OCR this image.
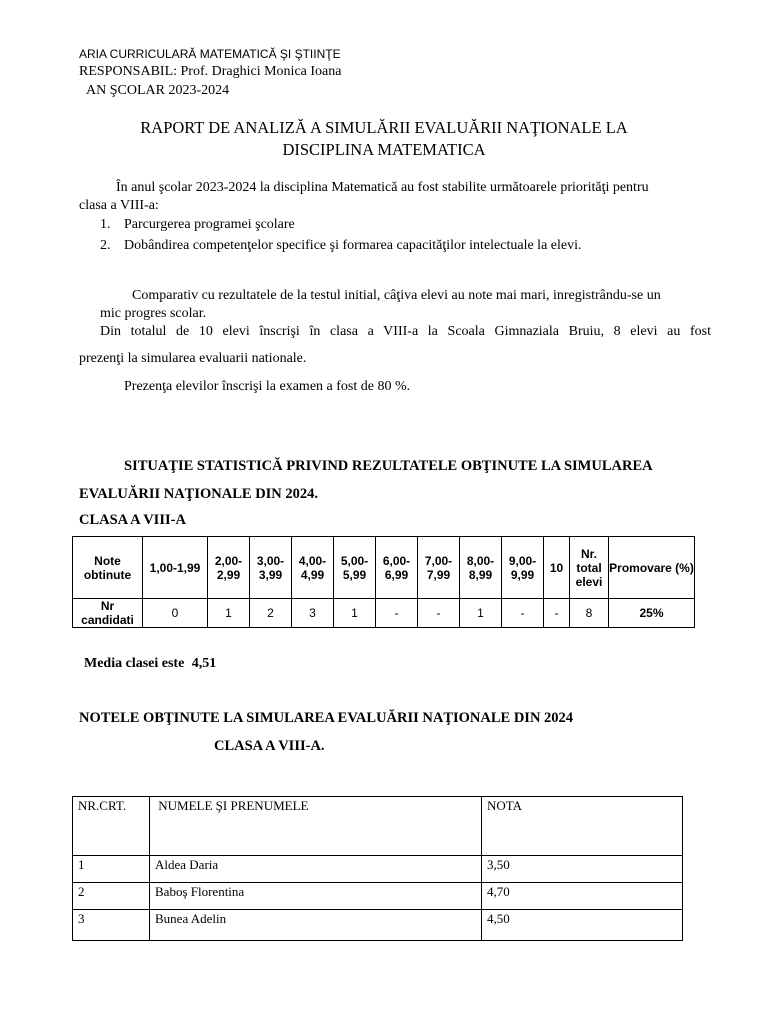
ARIA CURRICULARĂ MATEMATICĂ ŞI ŞTIINŢE
RESPONSABIL: Prof. Draghici Monica Ioana
AN ŞCOLAR 2023-2024
RAPORT DE ANALIZĂ A SIMULĂRII EVALUĂRII NAŢIONALE LA
DISCIPLINA MATEMATICA
În anul şcolar 2023-2024 la disciplina Matematică au fost stabilite următoarele priorităţi pentru
clasa a VIII-a:
1. Parcurgerea programei şcolare
2. Dobândirea competenţelor specifice şi formarea capacităţilor intelectuale la elevi.
Comparativ cu rezultatele de la testul initial, câţiva elevi au note mai mari, inregistrându-se un
mic progres scolar.
Din totalul de 10 elevi înscrişi în clasa a VIII-a la Scoala Gimnaziala Bruiu, 8 elevi au fost
prezenţi la simularea evaluarii nationale.
Prezenţa elevilor înscrişi la examen a fost de 80 %.
SITUAŢIE STATISTICĂ PRIVIND REZULTATELE OBŢINUTE LA SIMULAREA
EVALUĂRII NAŢIONALE DIN 2024.
CLASA A VIII-A
Note obtinute	1,00-1,99	2,00-2,99	3,00-3,99	4,00-4,99	5,00-5,99	6,00-6,99	7,00-7,99	8,00-8,99	9,00-9,99	10	Nr. total elevi	Promovare (%)
Nr candidati	0	1	2	3	1	-	-	1	-	-	8	25%
Media clasei este 4,51
NOTELE OBŢINUTE LA SIMULAREA EVALUĂRII NAŢIONALE DIN 2024
CLASA A VIII-A.
NR.CRT.	NUMELE ŞI PRENUMELE	NOTA
1	Aldea Daria	3,50
2	Baboş Florentina	4,70
3	Bunea Adelin	4,50
